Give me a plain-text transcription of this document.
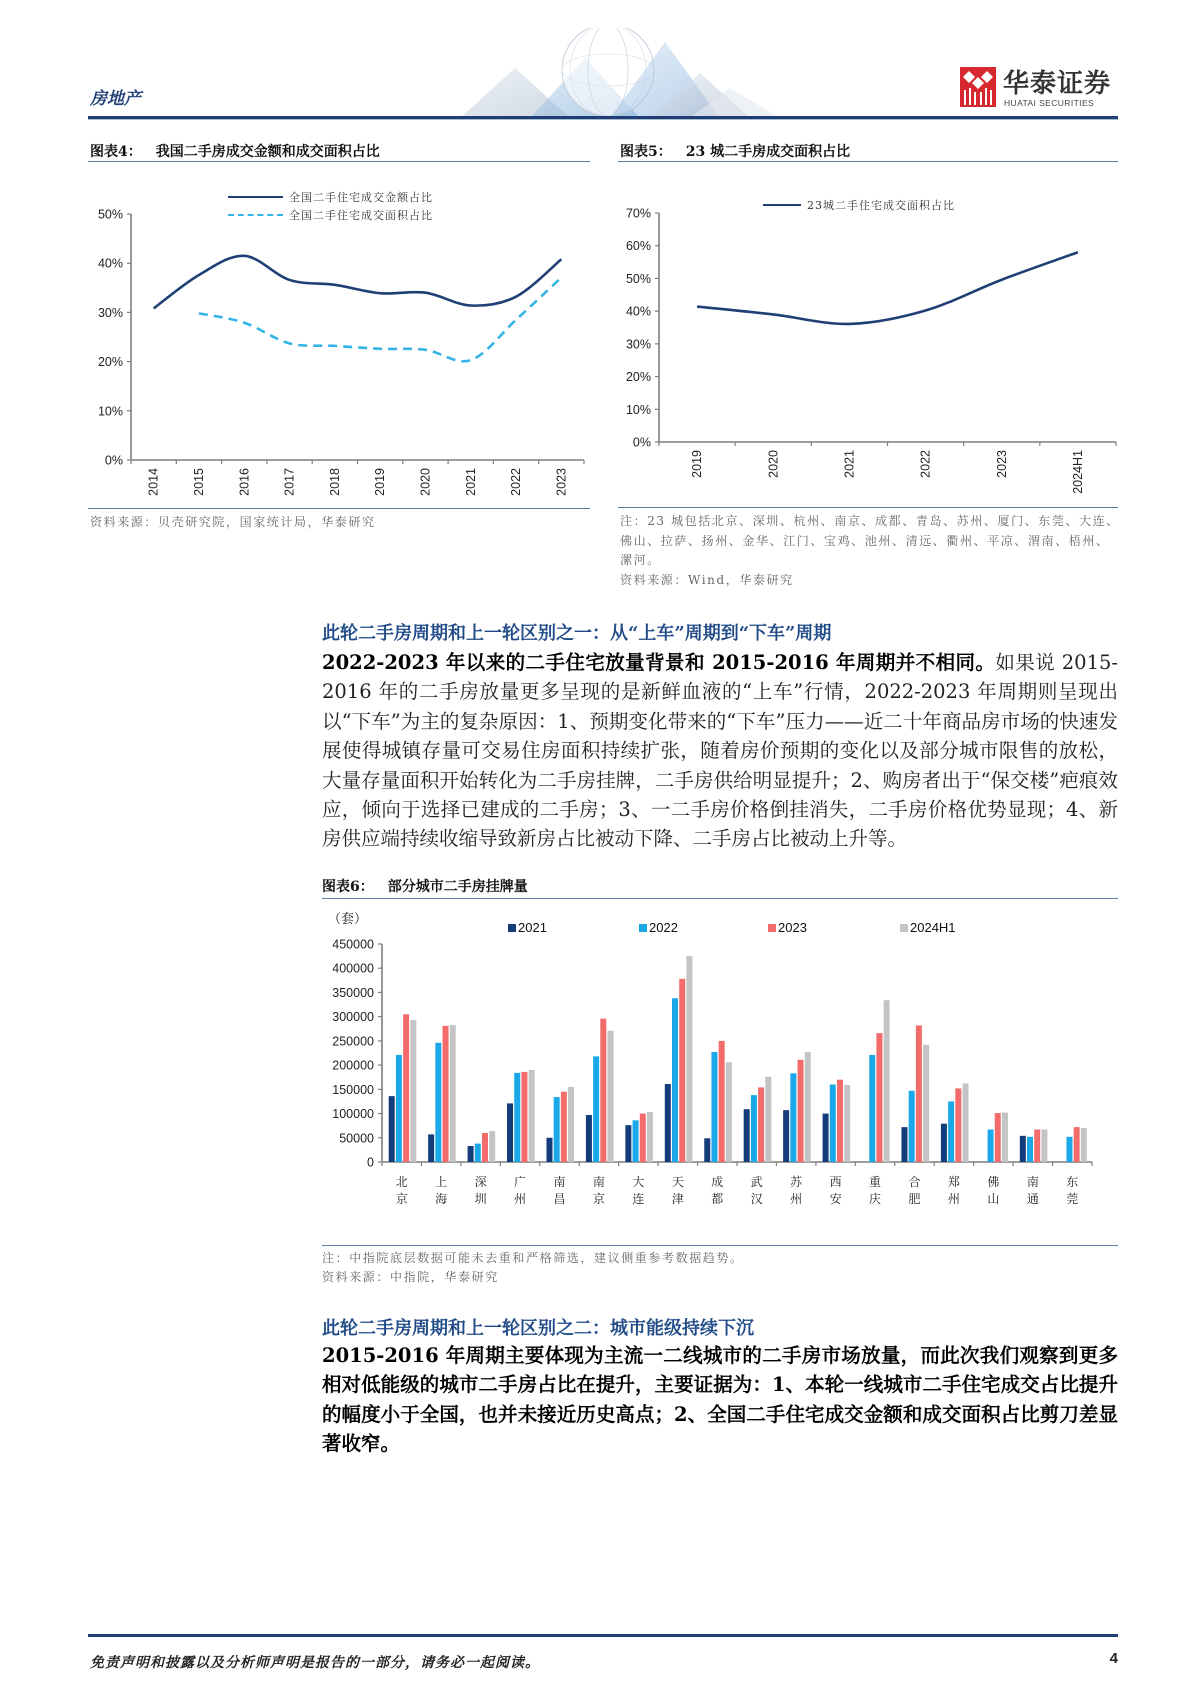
房地产	华泰证券
HUATAI SECURITIES
图表4： 我国二手房成交金额和成交面积占比
全国二手住宅成交金额占比
全国二手住宅成交面积占比
0%
10%
20%
30%
40%
50%
2014	2015	2016	2017	2018	2019	2020	2021	2022	2023
资料来源：贝壳研究院，国家统计局，华泰研究
图表5： 23 城二手房成交面积占比
23城二手住宅成交面积占比
0%
10%
20%
30%
40%
50%
60%
70%
2019	2020	2021	2022	2023	2024H1
注：23 城包括北京、深圳、杭州、南京、成都、青岛、苏州、厦门、东莞、大连、佛山、拉萨、扬州、金华、江门、宝鸡、池州、清远、衢州、平凉、渭南、梧州、漯河。
资料来源：Wind，华泰研究
此轮二手房周期和上一轮区别之一：从“上车”周期到“下车”周期
2022-2023 年以来的二手住宅放量背景和 2015-2016 年周期并不相同。如果说 2015-2016 年的二手房放量更多呈现的是新鲜血液的“上车”行情，2022-2023 年周期则呈现出以“下车”为主的复杂原因：1、预期变化带来的“下车”压力——近二十年商品房市场的快速发展使得城镇存量可交易住房面积持续扩张，随着房价预期的变化以及部分城市限售的放松，大量存量面积开始转化为二手房挂牌，二手房供给明显提升；2、购房者出于“保交楼”疤痕效应，倾向于选择已建成的二手房；3、一二手房价格倒挂消失，二手房价格优势显现；4、新房供应端持续收缩导致新房占比被动下降、二手房占比被动上升等。
图表6： 部分城市二手房挂牌量
（套）
2021	2022	2023	2024H1
0
50000
100000
150000
200000
250000
300000
350000
400000
450000
北
京
上
海
深
圳
广
州
南
昌
南
京
大
连
天
津
成
都
武
汉
苏
州
西
安
重
庆
合
肥
郑
州
佛
山
南
通
东
莞
注：中指院底层数据可能未去重和严格筛选，建议侧重参考数据趋势。
资料来源：中指院，华泰研究
此轮二手房周期和上一轮区别之二：城市能级持续下沉
2015-2016 年周期主要体现为主流一二线城市的二手房市场放量，而此次我们观察到更多相对低能级的城市二手房占比在提升，主要证据为：1、本轮一线城市二手住宅成交占比提升的幅度小于全国，也并未接近历史高点；2、全国二手住宅成交金额和成交面积占比剪刀差显著收窄。
免责声明和披露以及分析师声明是报告的一部分，请务必一起阅读。	4
